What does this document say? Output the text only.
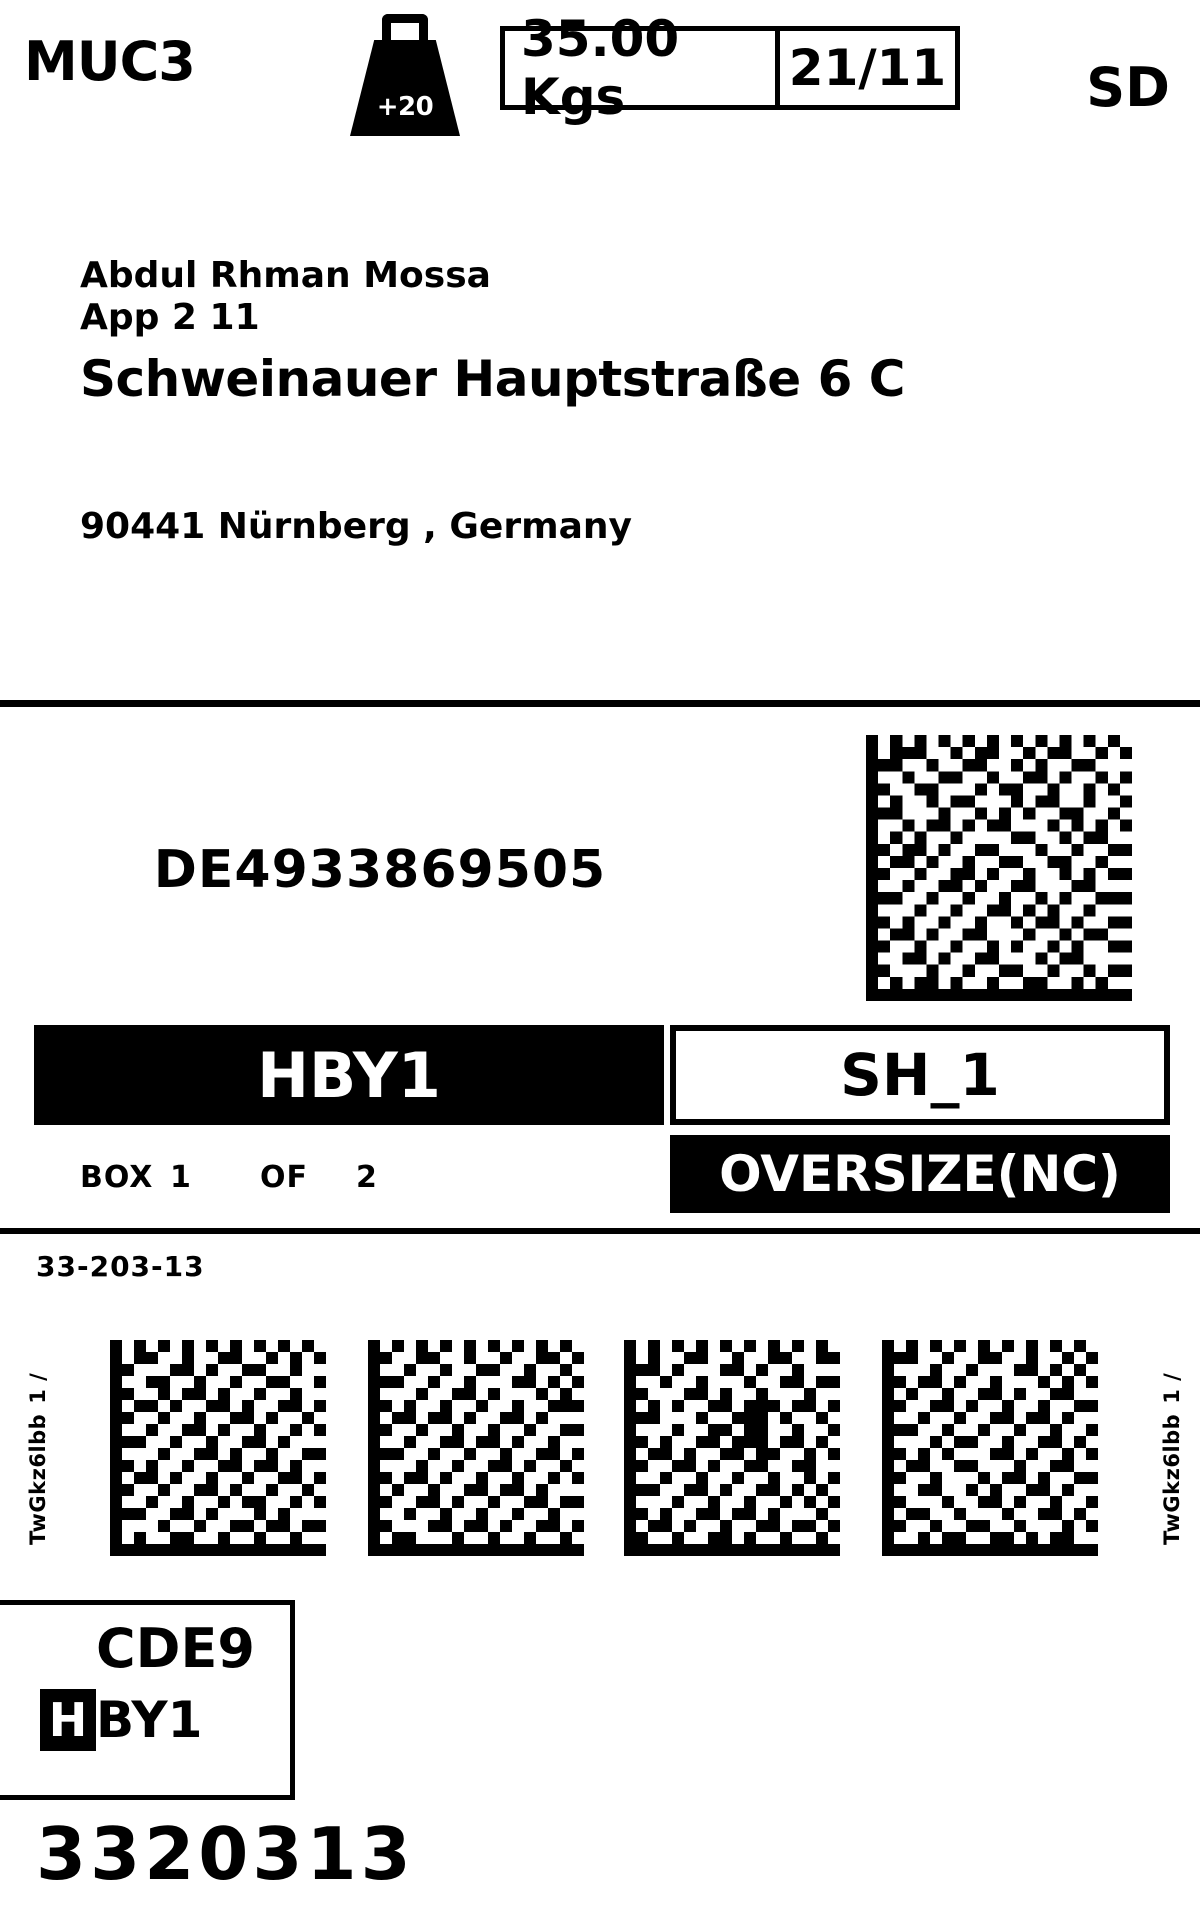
MUC3
+20
35.00 Kgs	21/11	SD
Abdul Rhman Mossa
App 2 11
Schweinauer Hauptstraße 6 C
90441 Nürnberg , Germany
DE4933869505
HBY1	SH_1
BOX 1 OF 2	OVERSIZE(NC)
33-203-13
TwGkz6lbb1 /
TwGkz6lbb1 /
CDE9
H BY1
3320313
